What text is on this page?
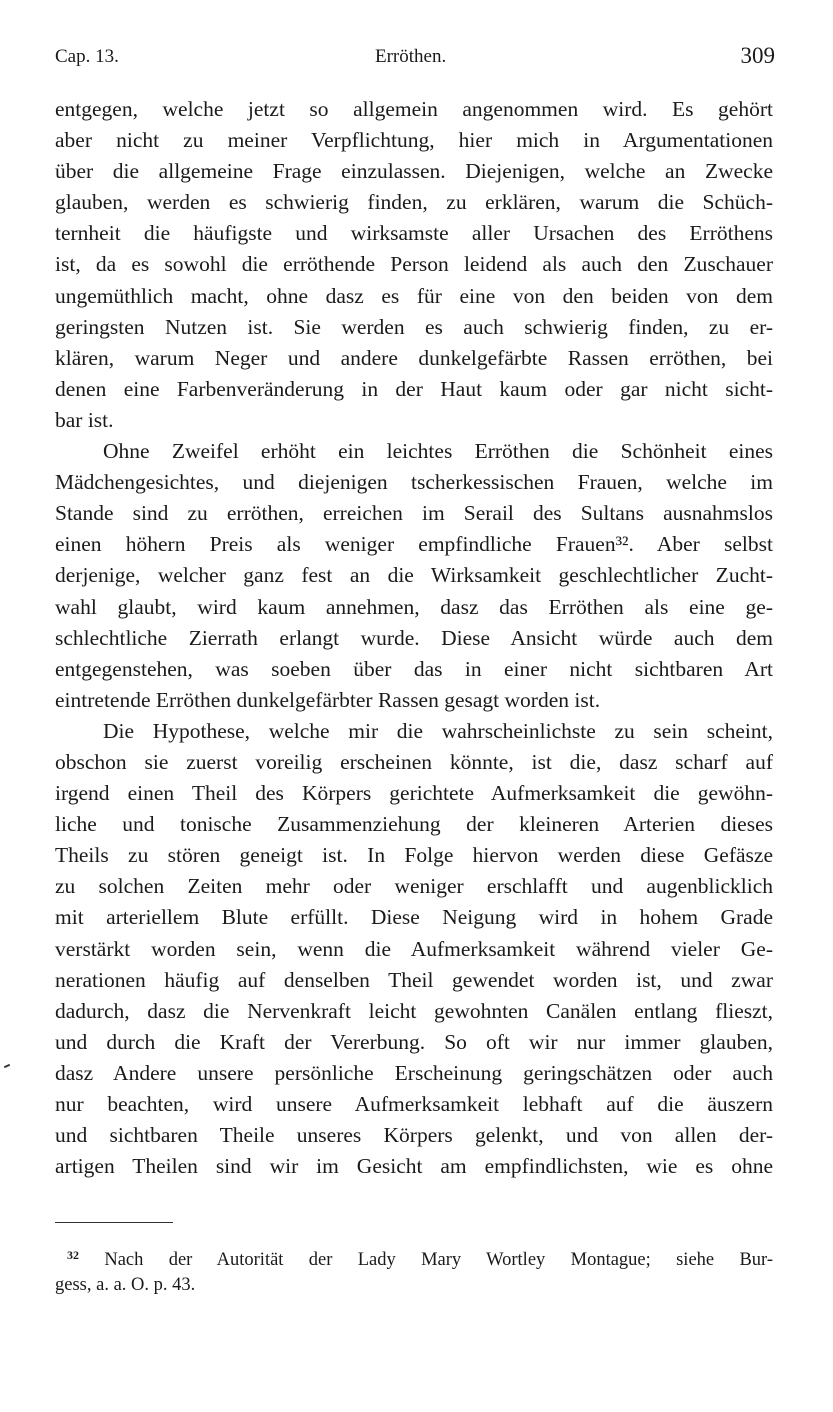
Cap. 13.	Erröthen.	309
entgegen, welche jetzt so allgemein angenommen wird. Es gehört
aber nicht zu meiner Verpflichtung, hier mich in Argumentationen
über die allgemeine Frage einzulassen. Diejenigen, welche an Zwecke
glauben, werden es schwierig finden, zu erklären, warum die Schüch-
ternheit die häufigste und wirksamste aller Ursachen des Erröthens
ist, da es sowohl die erröthende Person leidend als auch den Zuschauer
ungemüthlich macht, ohne dasz es für eine von den beiden von dem
geringsten Nutzen ist. Sie werden es auch schwierig finden, zu er-
klären, warum Neger und andere dunkelgefärbte Rassen erröthen, bei
denen eine Farbenveränderung in der Haut kaum oder gar nicht sicht-
bar ist.
Ohne Zweifel erhöht ein leichtes Erröthen die Schönheit eines
Mädchengesichtes, und diejenigen tscherkessischen Frauen, welche im
Stande sind zu erröthen, erreichen im Serail des Sultans ausnahmslos
einen höhern Preis als weniger empfindliche Frauen³². Aber selbst
derjenige, welcher ganz fest an die Wirksamkeit geschlechtlicher Zucht-
wahl glaubt, wird kaum annehmen, dasz das Erröthen als eine ge-
schlechtliche Zierrath erlangt wurde. Diese Ansicht würde auch dem
entgegenstehen, was soeben über das in einer nicht sichtbaren Art
eintretende Erröthen dunkelgefärbter Rassen gesagt worden ist.
Die Hypothese, welche mir die wahrscheinlichste zu sein scheint,
obschon sie zuerst voreilig erscheinen könnte, ist die, dasz scharf auf
irgend einen Theil des Körpers gerichtete Aufmerksamkeit die gewöhn-
liche und tonische Zusammenziehung der kleineren Arterien dieses
Theils zu stören geneigt ist. In Folge hiervon werden diese Gefäsze
zu solchen Zeiten mehr oder weniger erschlafft und augenblicklich
mit arteriellem Blute erfüllt. Diese Neigung wird in hohem Grade
verstärkt worden sein, wenn die Aufmerksamkeit während vieler Ge-
nerationen häufig auf denselben Theil gewendet worden ist, und zwar
dadurch, dasz die Nervenkraft leicht gewohnten Canälen entlang flieszt,
und durch die Kraft der Vererbung. So oft wir nur immer glauben,
dasz Andere unsere persönliche Erscheinung geringschätzen oder auch
nur beachten, wird unsere Aufmerksamkeit lebhaft auf die äuszern
und sichtbaren Theile unseres Körpers gelenkt, und von allen der-
artigen Theilen sind wir im Gesicht am empfindlichsten, wie es ohne
$^{32}$ Nach der Autorität der Lady Mary Wortley Montague; siehe Bur-
gess, a. a. O. p. 43.
